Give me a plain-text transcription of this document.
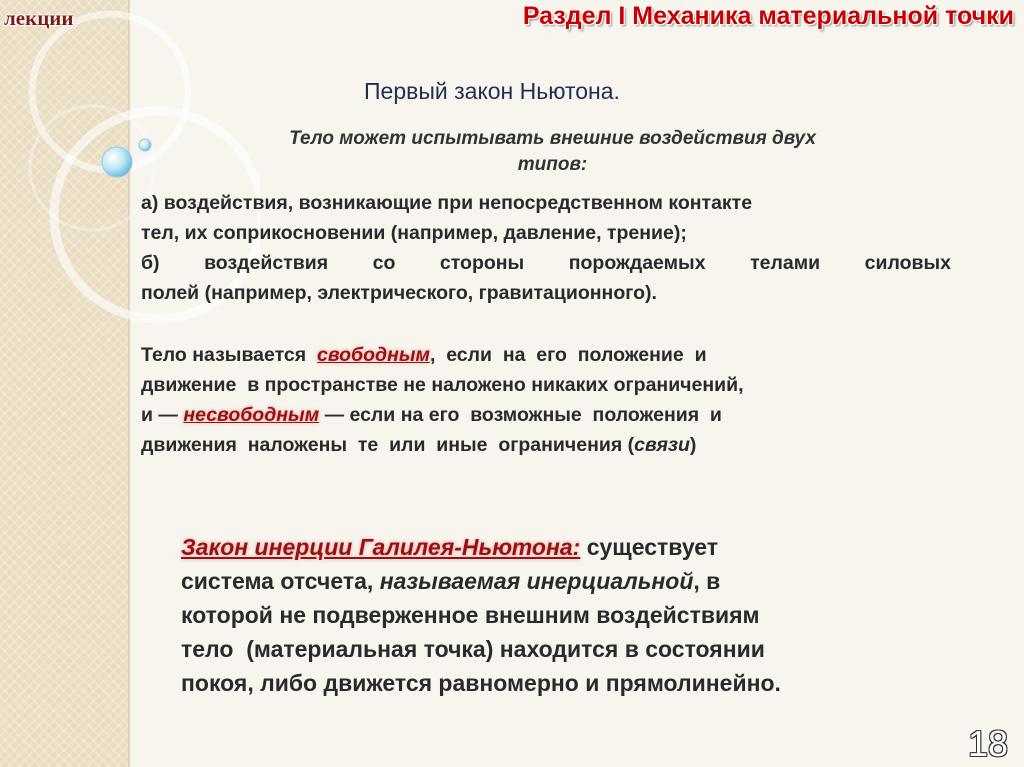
лекции	Раздел I Механика материальной точки
Первый закон Ньютона.
Тело может испытывать внешние воздействия двух
типов:
а) воздействия, возникающие при непосредственном контакте
тел, их соприкосновении (например, давление, трение);
б) воздействия со стороны порождаемых телами силовых
полей (например, электрического, гравитационного).
Тело называется свободным,  если  на  его  положение  и
движение  в пространстве не наложено никаких ограничений,
и — несвободным — если на его  возможные  положения  и
движения  наложены  те  или  иные  ограничения (связи)
Закон инерции Галилея-Ньютона: существует
система отсчета, называемая инерциальной, в
которой не подверженное внешним воздействиям
тело  (материальная точка) находится в состоянии
покоя, либо движется равномерно и прямолинейно.
18
